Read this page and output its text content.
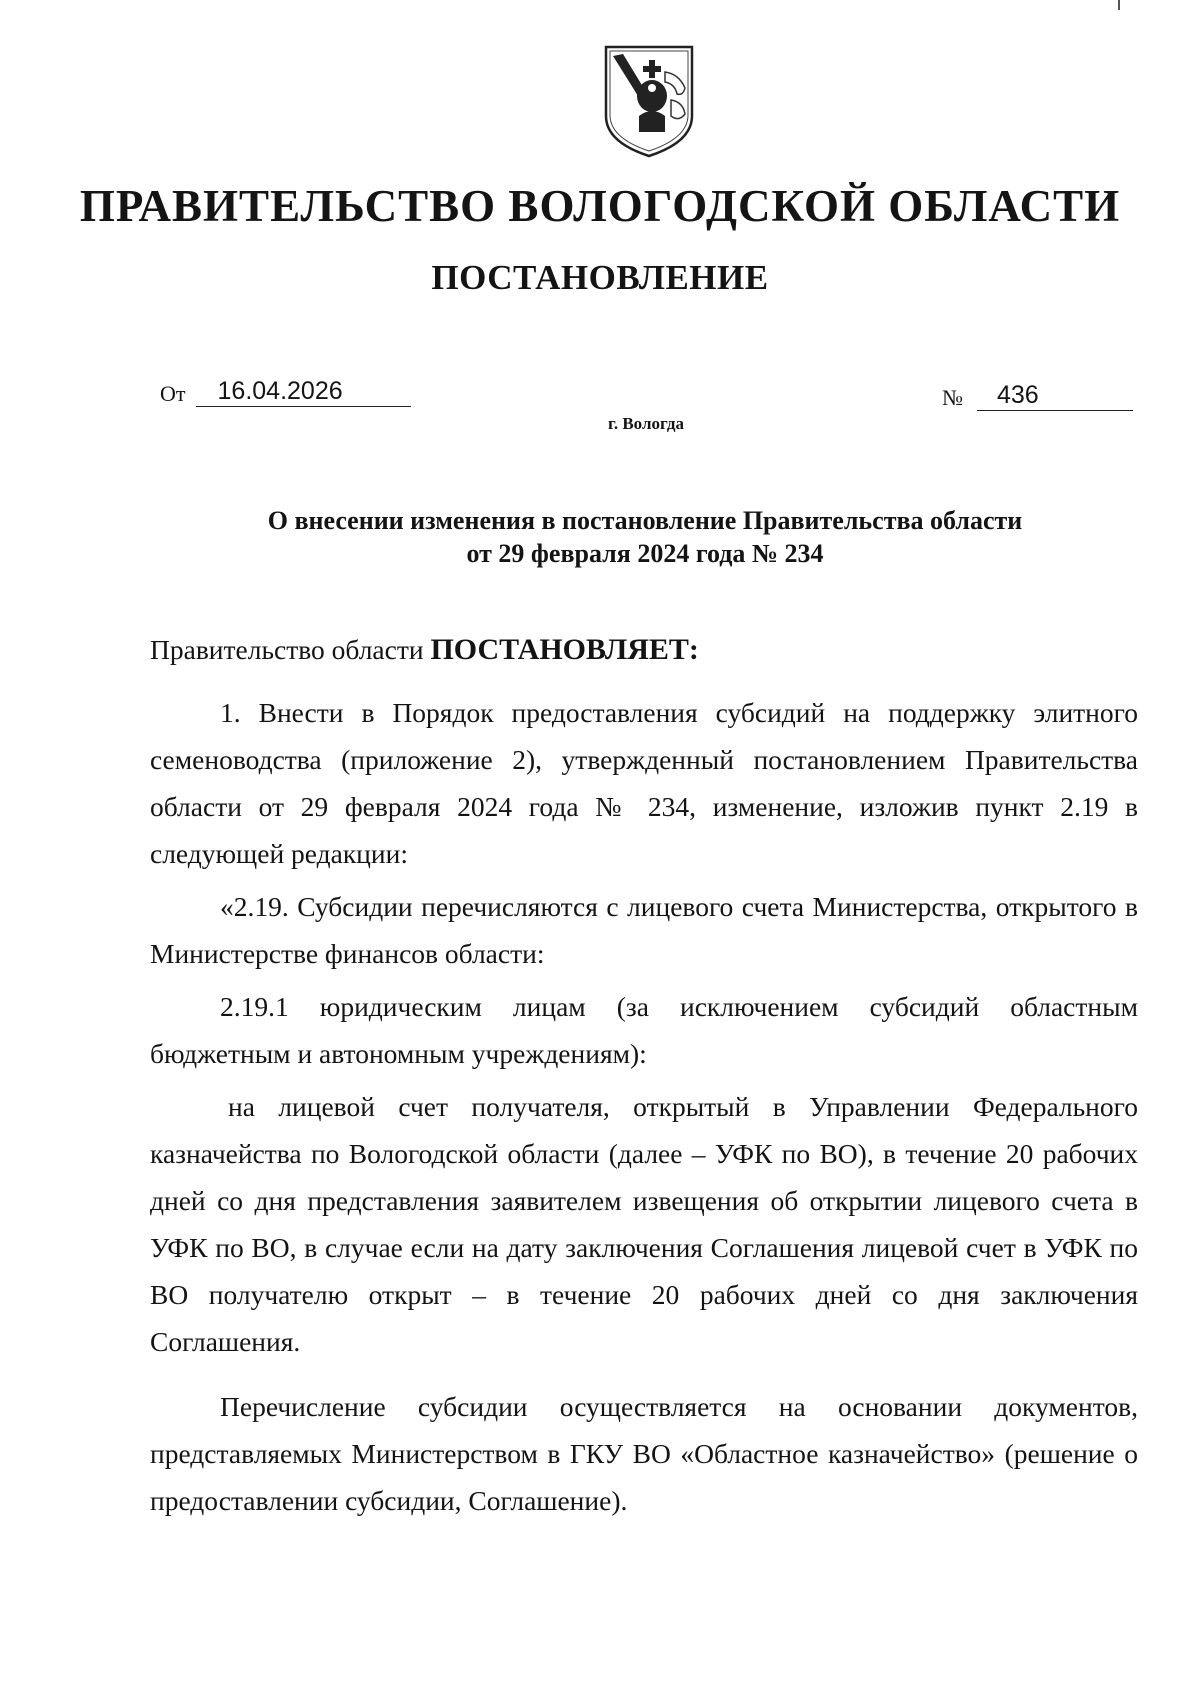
ПРАВИТЕЛЬСТВО ВОЛОГОДСКОЙ ОБЛАСТИ
ПОСТАНОВЛЕНИЕ
От	16.04.2026	№	436
г. Вологда
О внесении изменения в постановление Правительства области
от 29 февраля 2024 года № 234

Правительство области ПОСТАНОВЛЯЕТ:

1. Внести в Порядок предоставления субсидий на поддержку элитного семеноводства (приложение 2), утвержденный постановлением Правительства области от 29 февраля 2024 года № 234, изменение, изложив пункт 2.19 в следующей редакции:

«2.19. Субсидии перечисляются с лицевого счета Министерства, открытого в Министерстве финансов области:

2.19.1 юридическим лицам (за исключением субсидий областным бюджетным и автономным учреждениям):

на лицевой счет получателя, открытый в Управлении Федерального казначейства по Вологодской области (далее – УФК по ВО), в течение 20 рабочих дней со дня представления заявителем извещения об открытии лицевого счета в УФК по ВО, в случае если на дату заключения Соглашения лицевой счет в УФК по ВО получателю открыт – в течение 20 рабочих дней со дня заключения Соглашения.

Перечисление субсидии осуществляется на основании документов, представляемых Министерством в ГКУ ВО «Областное казначейство» (решение о предоставлении субсидии, Соглашение).
